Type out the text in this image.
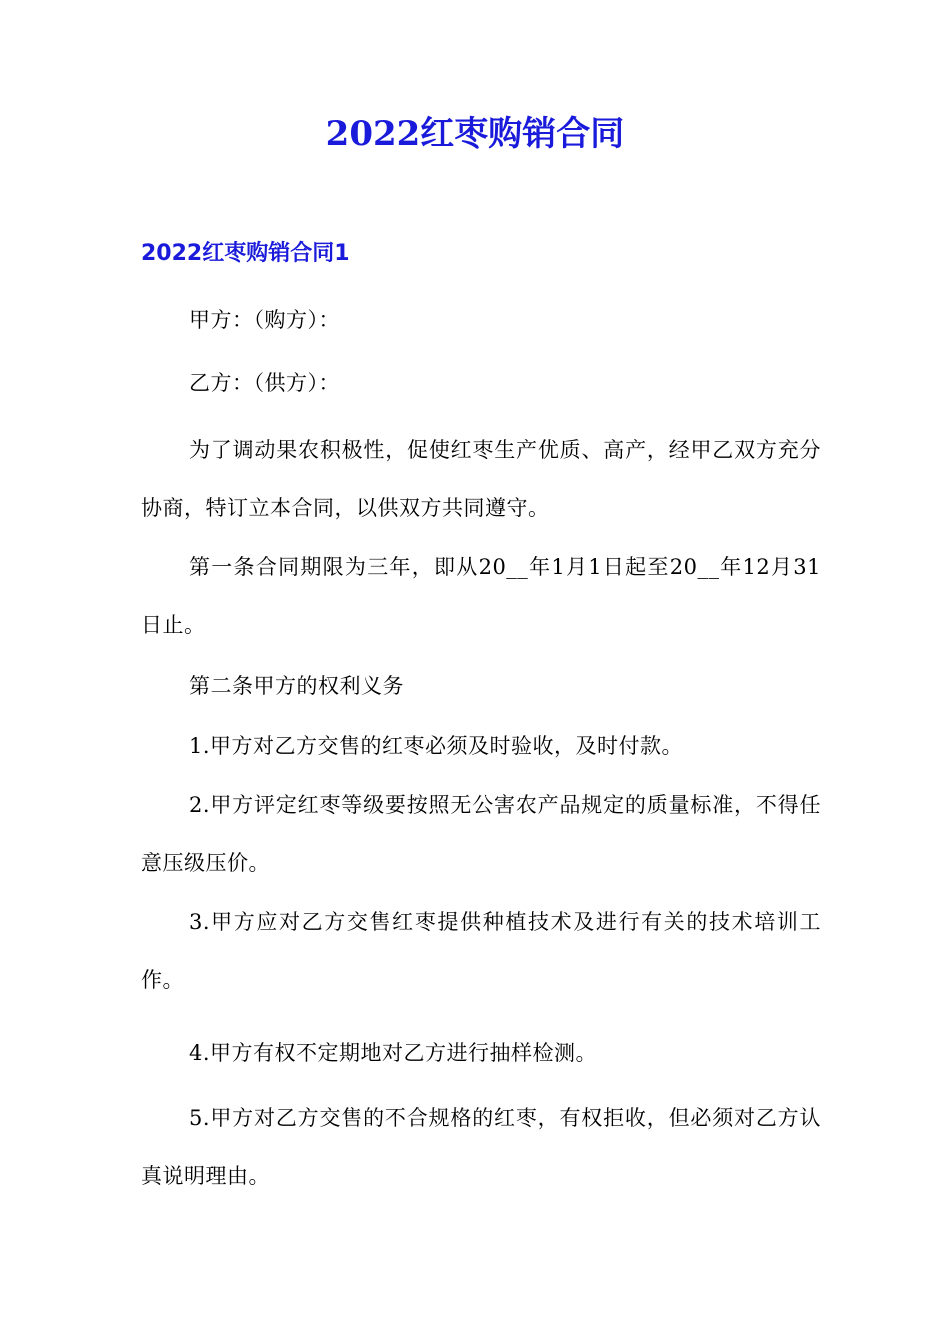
2022红枣购销合同
2022红枣购销合同1

甲方：（购方）：

乙方：（供方）：

为了调动果农积极性，促使红枣生产优质、高产，经甲乙双方充分协商，特订立本合同，以供双方共同遵守。

第一条合同期限为三年，即从20__年1月1日起至20__年12月31日止。

第二条甲方的权利义务

1.甲方对乙方交售的红枣必须及时验收，及时付款。

2.甲方评定红枣等级要按照无公害农产品规定的质量标准，不得任意压级压价。

3.甲方应对乙方交售红枣提供种植技术及进行有关的技术培训工作。

4.甲方有权不定期地对乙方进行抽样检测。

5.甲方对乙方交售的不合规格的红枣，有权拒收，但必须对乙方认真说明理由。
